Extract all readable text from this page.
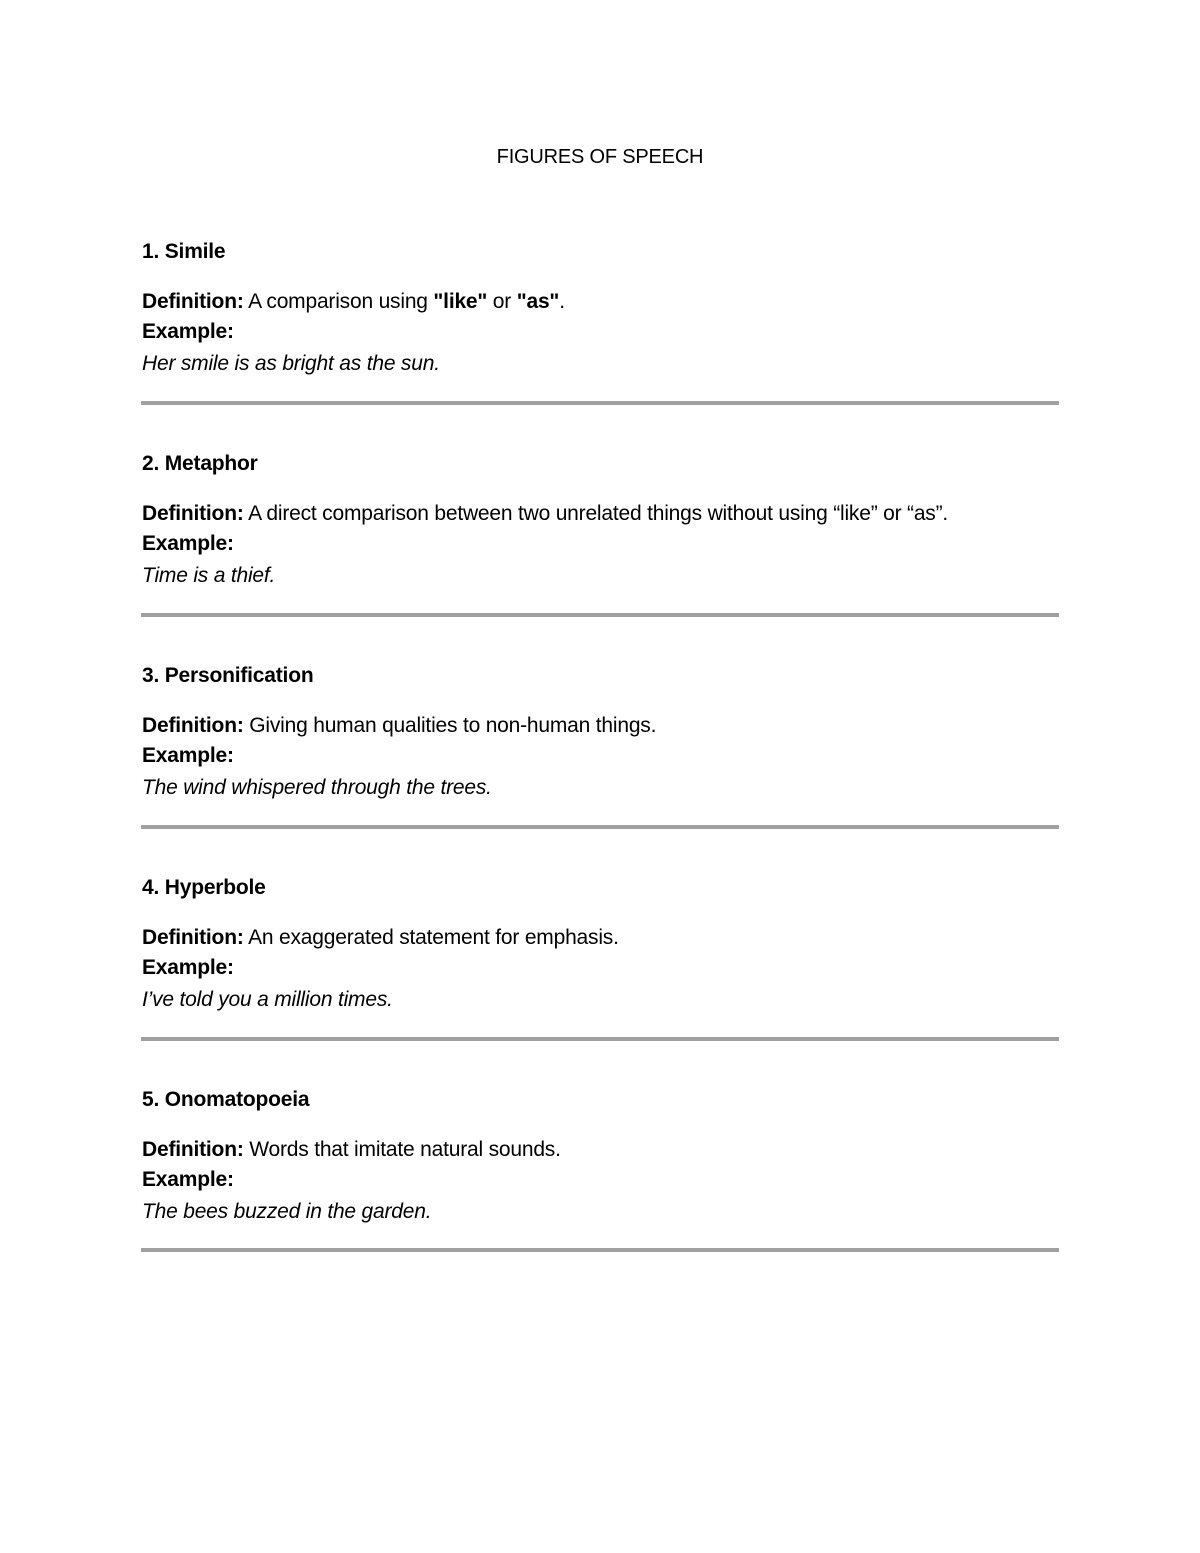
FIGURES OF SPEECH
1. Simile
Definition: A comparison using "like" or "as".
Example:
Her smile is as bright as the sun.
2. Metaphor
Definition: A direct comparison between two unrelated things without using “like” or “as”.
Example:
Time is a thief.
3. Personification
Definition: Giving human qualities to non-human things.
Example:
The wind whispered through the trees.
4. Hyperbole
Definition: An exaggerated statement for emphasis.
Example:
I’ve told you a million times.
5. Onomatopoeia
Definition: Words that imitate natural sounds.
Example:
The bees buzzed in the garden.
